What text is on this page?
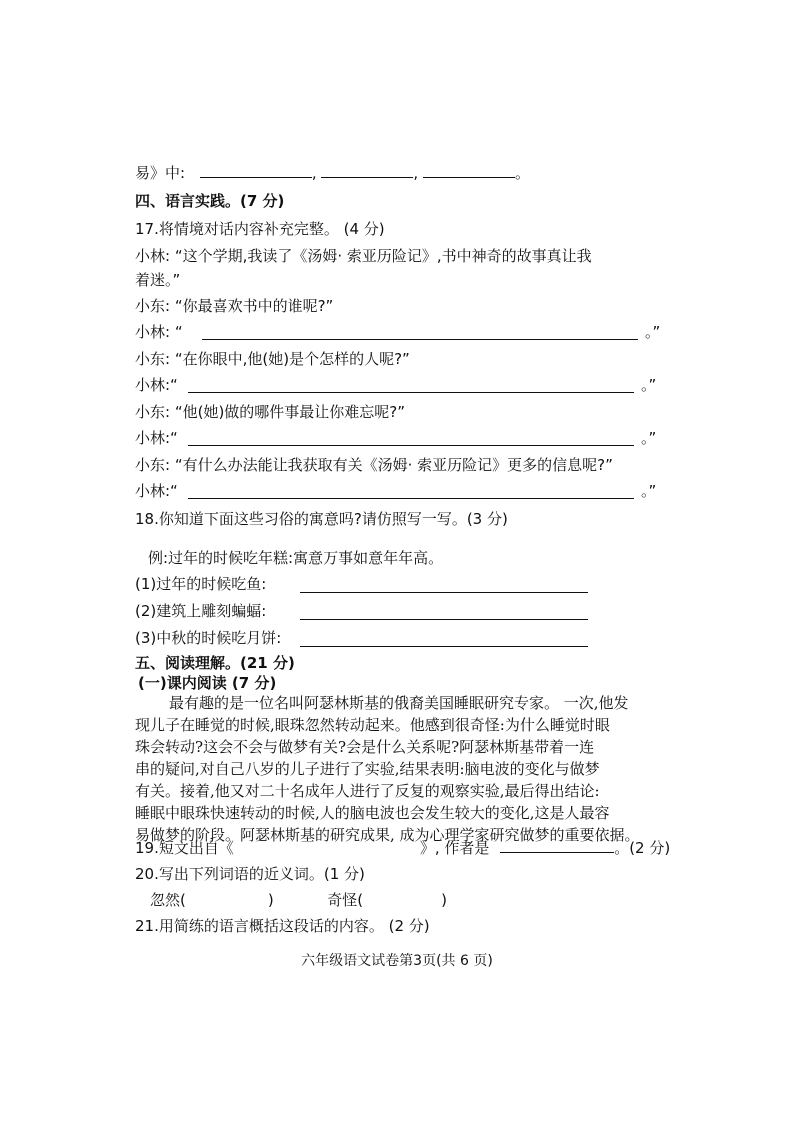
易》中:	,	,	。
四、语言实践。(7 分)
17.将情境对话内容补充完整。 (4 分)
小林: “这个学期,我读了《汤姆· 索亚历险记》,书中神奇的故事真让我
着迷。”
小东: “你最喜欢书中的谁呢?”
小林: “	。”
小东: “在你眼中,他(她)是个怎样的人呢?”
小林:“	。”
小东: “他(她)做的哪件事最让你难忘呢?”
小林:“	。”
小东: “有什么办法能让我获取有关《汤姆· 索亚历险记》更多的信息呢?”
小林:“	。”
18.你知道下面这些习俗的寓意吗?请仿照写一写。(3 分)
例:过年的时候吃年糕:寓意万事如意年年高。
(1)过年的时候吃鱼:
(2)建筑上雕刻蝙蝠:
(3)中秋的时候吃月饼:
五、阅读理解。(21 分)
(一)课内阅读 (7 分)
最有趣的是一位名叫阿瑟林斯基的俄裔美国睡眠研究专家。 一次,他发
现儿子在睡觉的时候,眼珠忽然转动起来。他感到很奇怪:为什么睡觉时眼
珠会转动?这会不会与做梦有关?会是什么关系呢?阿瑟林斯基带着一连
串的疑问,对自己八岁的儿子进行了实验,结果表明:脑电波的变化与做梦
有关。接着,他又对二十名成年人进行了反复的观察实验,最后得出结论:
睡眠中眼珠快速转动的时候,人的脑电波也会发生较大的变化,这是人最容
易做梦的阶段。阿瑟林斯基的研究成果, 成为心理学家研究做梦的重要依据。
19.短文出自《	》, 作者是	。(2 分)
20.写出下列词语的近义词。(1 分)
忽然(	)	奇怪(	)
21.用简练的语言概括这段话的内容。 (2 分)
六年级语文试卷第3页(共 6 页)
